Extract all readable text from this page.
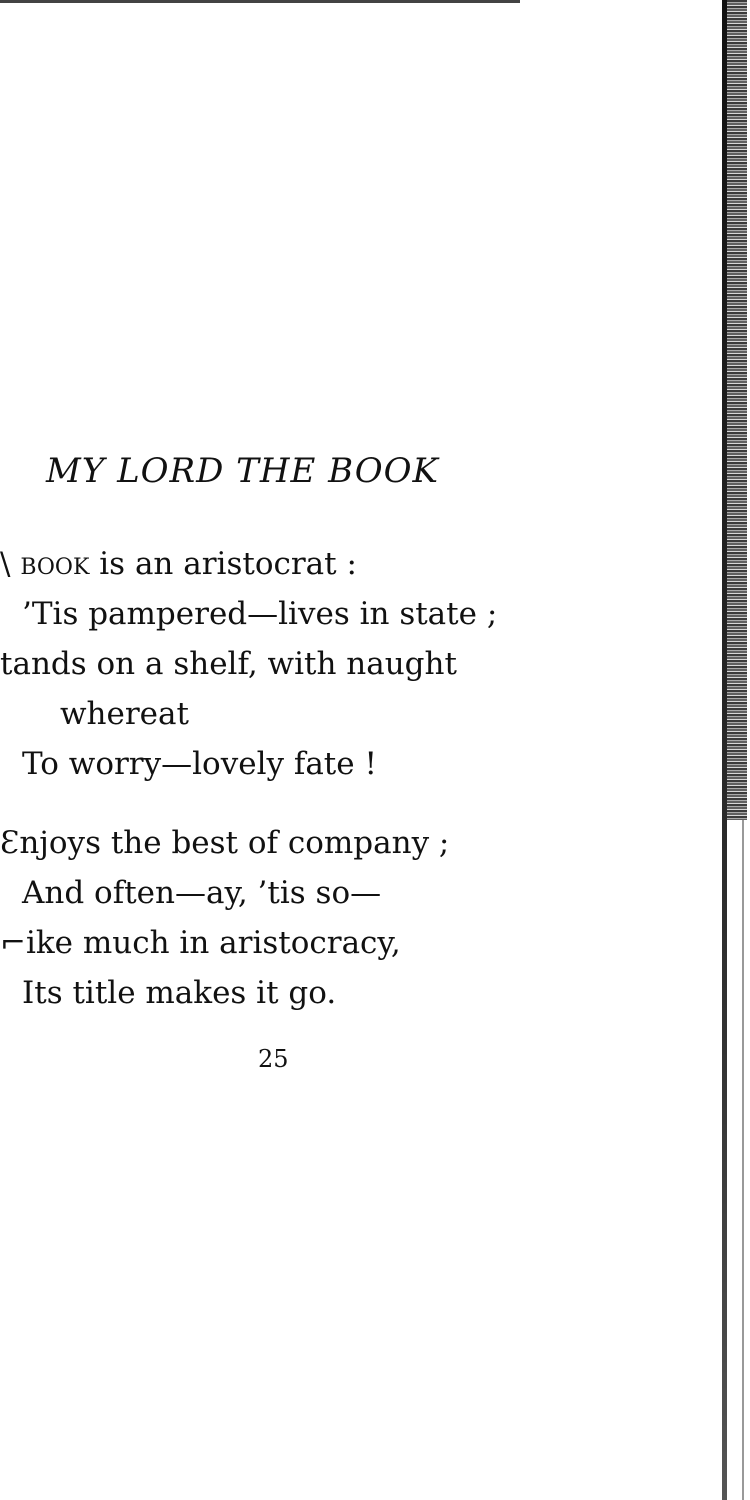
MY LORD THE BOOK
\ book is an aristocrat :
’Tis pampered—lives in state ;
̻tands on a shelf, with naught
whereat
To worry—lovely fate !
Ɛnjoys the best of company ;
And often—ay, ’tis so—
⌐ike much in aristocracy,
Its title makes it go.
25
